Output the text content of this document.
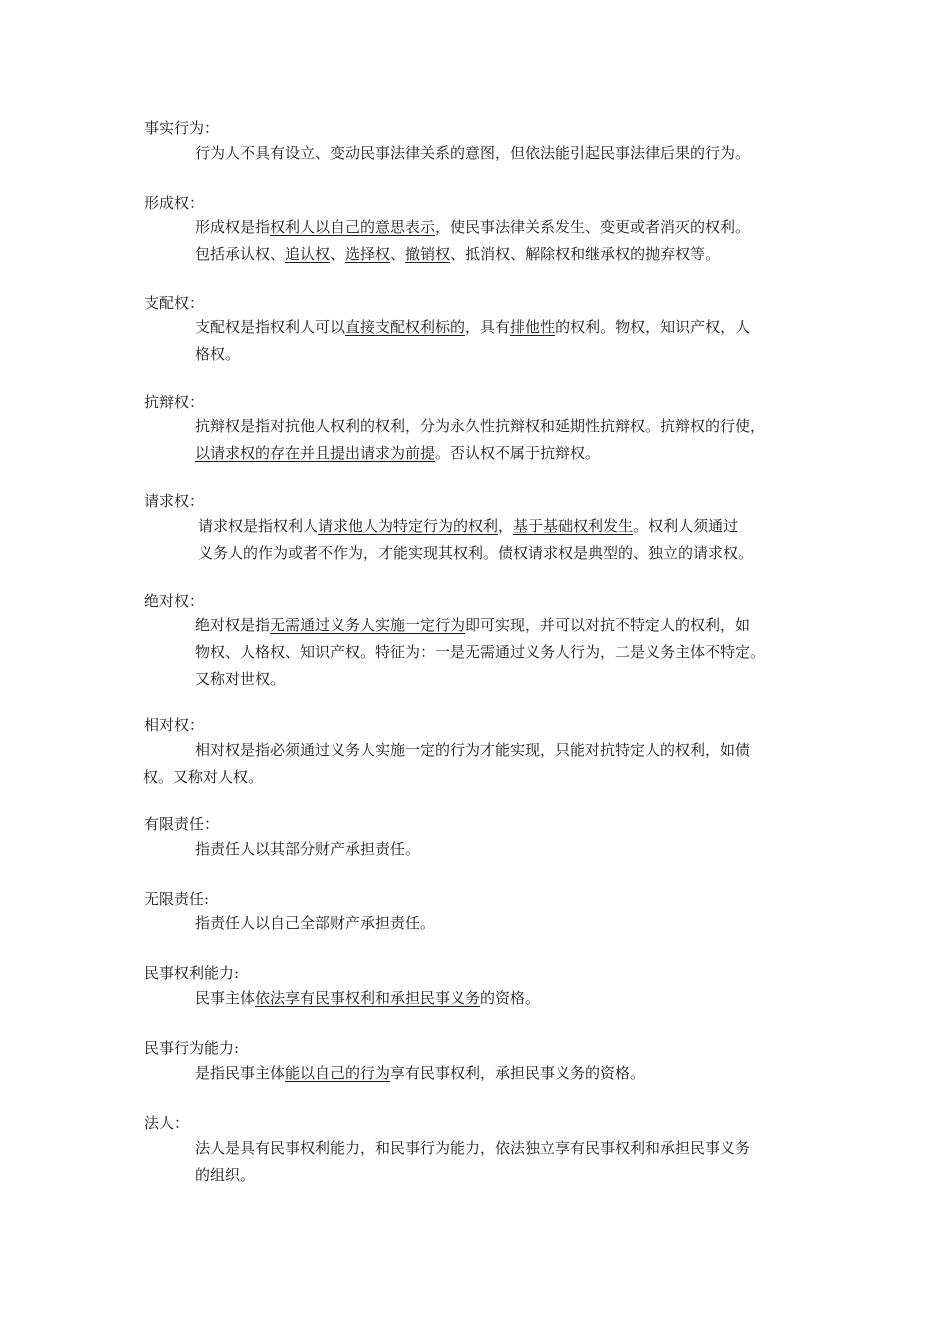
事实行为：
行为人不具有设立、变动民事法律关系的意图，但依法能引起民事法律后果的行为。
形成权：
形成权是指权利人以自己的意思表示，使民事法律关系发生、变更或者消灭的权利。
包括承认权、追认权、选择权、撤销权、抵消权、解除权和继承权的抛弃权等。
支配权：
支配权是指权利人可以直接支配权利标的，具有排他性的权利。物权，知识产权，人
格权。
抗辩权：
抗辩权是指对抗他人权利的权利，分为永久性抗辩权和延期性抗辩权。抗辩权的行使，
以请求权的存在并且提出请求为前提。否认权不属于抗辩权。
请求权：
请求权是指权利人请求他人为特定行为的权利，基于基础权利发生。权利人须通过
义务人的作为或者不作为，才能实现其权利。债权请求权是典型的、独立的请求权。
绝对权：
绝对权是指无需通过义务人实施一定行为即可实现，并可以对抗不特定人的权利，如
物权、人格权、知识产权。特征为：一是无需通过义务人行为，二是义务主体不特定。
又称对世权。
相对权：
相对权是指必须通过义务人实施一定的行为才能实现，只能对抗特定人的权利，如债
权。又称对人权。
有限责任：
指责任人以其部分财产承担责任。
无限责任:
指责任人以自己全部财产承担责任。
民事权利能力:
民事主体依法享有民事权利和承担民事义务的资格。
民事行为能力:
是指民事主体能以自己的行为享有民事权利，承担民事义务的资格。
法人：
法人是具有民事权利能力，和民事行为能力，依法独立享有民事权利和承担民事义务
的组织。
